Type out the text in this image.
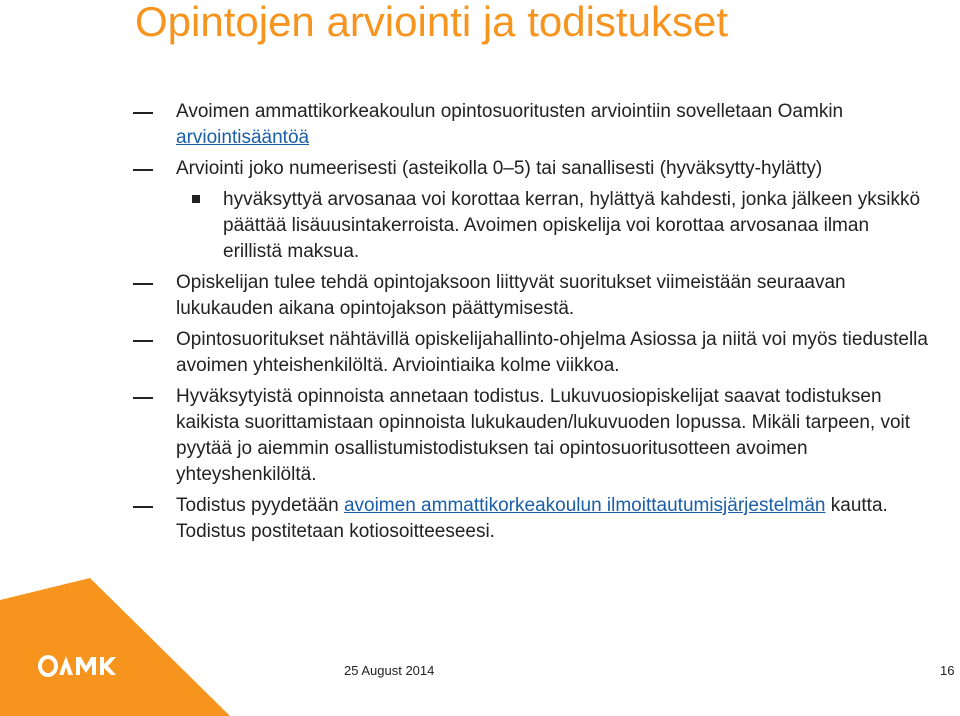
Opintojen arviointi ja todistukset
Avoimen ammattikorkeakoulun opintosuoritusten arviointiin sovelletaan Oamkin arviointisääntöä
Arviointi joko numeerisesti (asteikolla 0–5) tai sanallisesti (hyväksytty-hylätty)
hyväksyttyä arvosanaa voi korottaa kerran, hylättyä kahdesti, jonka jälkeen yksikkö päättää lisäuusintakerroista. Avoimen opiskelija voi korottaa arvosanaa ilman erillistä maksua.
Opiskelijan tulee tehdä opintojaksoon liittyvät suoritukset viimeistään seuraavan lukukauden aikana opintojakson päättymisestä.
Opintosuoritukset nähtävillä opiskelijahallinto-ohjelma Asiossa ja niitä voi myös tiedustella avoimen yhteishenkilöltä. Arviointiaika kolme viikkoa.
Hyväksytyistä opinnoista annetaan todistus. Lukuvuosiopiskelijat saavat todistuksen kaikista suorittamistaan opinnoista lukukauden/lukuvuoden lopussa. Mikäli tarpeen, voit pyytää jo aiemmin osallistumistodistuksen tai opintosuoritusotteen avoimen yhteyshenkilöltä.
Todistus pyydetään avoimen ammattikorkeakoulun ilmoittautumisjärjestelmän kautta. Todistus postitetaan kotiosoitteeseesi.
25 August 2014	16
